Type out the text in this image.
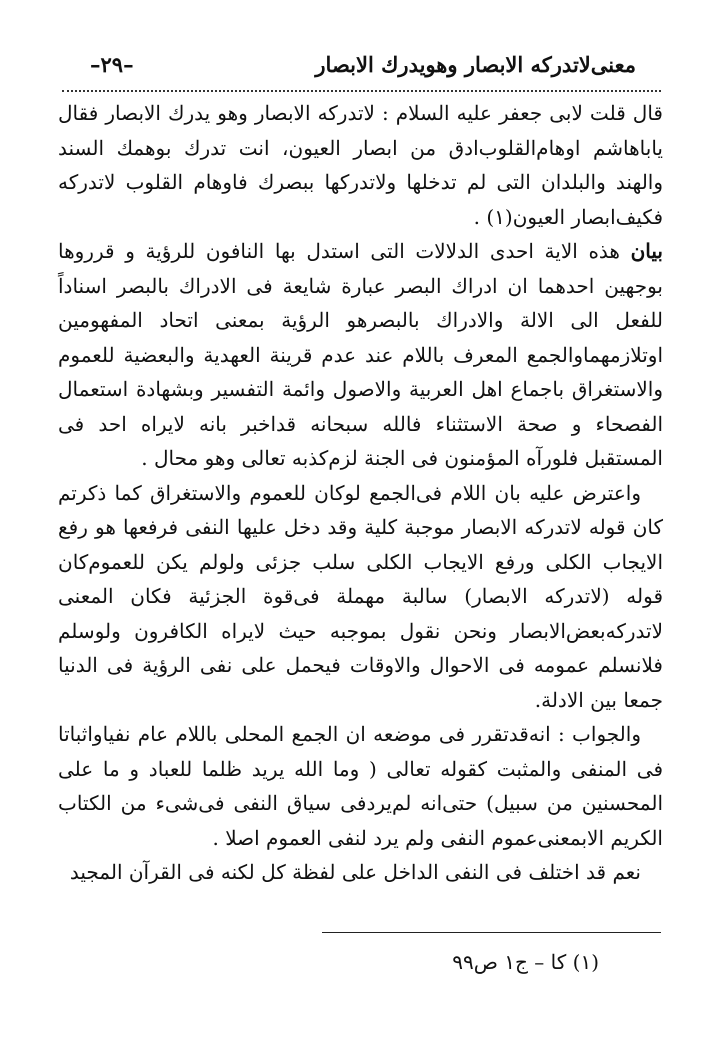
معنى‌لاتدركه الابصار وهويدرك الابصار
–٢٩–

قال قلت لابى جعفر عليه السلام : لاتدركه الابصار وهو يدرك الابصار فقال ياباهاشم اوهام‌القلوب‌ادق من ابصار العيون، انت تدرك بوهمك السند والهند والبلدان التى لم تدخلها ولاتدركها ببصرك فاوهام القلوب لاتدركه فكيف‌ابصار العيون(١) .

بيان هذه الاية احدى الدلالات التى استدل بها النافون للرؤية و قرروها بوجهين احدهما ان ادراك البصر عبارة شايعة فى الادراك بالبصر اسناداً للفعل الى الالة والادراك بالبصرهو الرؤية بمعنى اتحاد المفهومين اوتلازمهماوالجمع المعرف باللام عند عدم قرينة العهدية والبعضية للعموم والاستغراق باجماع اهل العربية والاصول وائمة التفسير وبشهادة استعمال الفصحاء و صحة الاستثناء فالله سبحانه قداخبر بانه لايراه احد فى المستقبل فلورآه المؤمنون فى الجنة لزم‌كذبه تعالى وهو محال .

واعترض عليه بان اللام فى‌الجمع لوكان للعموم والاستغراق كما ذكرتم كان قوله لاتدركه الابصار موجبة كلية وقد دخل عليها النفى فرفعها هو رفع الايجاب الكلى ورفع الايجاب الكلى سلب جزئى ولولم يكن للعموم‌كان قوله (لاتدركه الابصار) سالبة مهملة فى‌قوة الجزئية فكان المعنى لاتدركه‌بعض‌الابصار ونحن نقول بموجبه حيث لايراه الكافرون ولوسلم فلانسلم عمومه فى الاحوال والاوقات فيحمل على نفى الرؤية فى الدنيا جمعا بين الادلة.

والجواب : انه‌قدتقرر فى موضعه ان الجمع المحلى باللام عام نفياواثباتا فى المنفى والمثبت كقوله تعالى ( وما الله يريد ظلما للعباد و ما على المحسنين من سبيل) حتى‌انه لم‌يردفى سياق النفى فى‌شىء من الكتاب الكريم الابمعنى‌عموم النفى ولم يرد لنفى العموم اصلا .

نعم قد اختلف فى النفى الداخل على لفظة كل لكنه فى القرآن المجيد

(١) كا – ج١ ص٩٩
